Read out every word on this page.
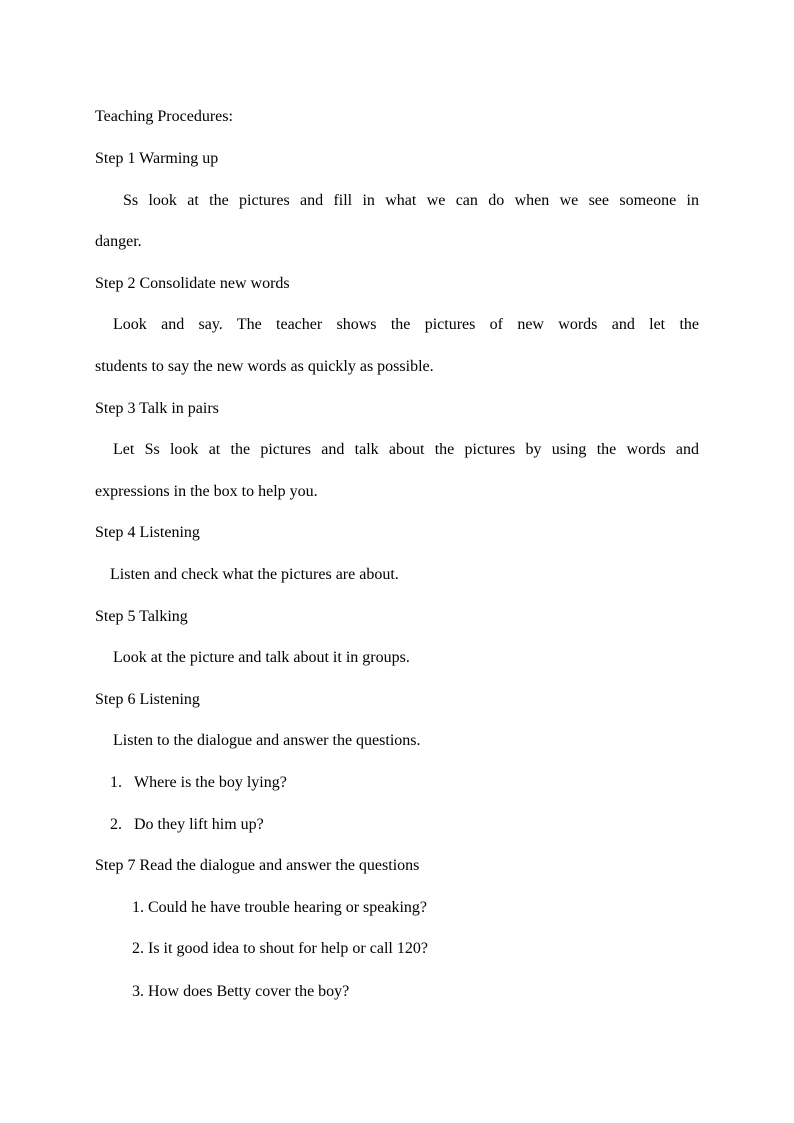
Teaching Procedures:
Step 1 Warming up
Ss look at the pictures and fill in what we can do when we see someone in
danger.
Step 2 Consolidate new words
Look and say. The teacher shows the pictures of new words and let the
students to say the new words as quickly as possible.
Step 3 Talk in pairs
Let Ss look at the pictures and talk about the pictures by using the words and
expressions in the box to help you.
Step 4 Listening
Listen and check what the pictures are about.
Step 5 Talking
Look at the picture and talk about it in groups.
Step 6 Listening
Listen to the dialogue and answer the questions.
1. Where is the boy lying?
2. Do they lift him up?
Step 7 Read the dialogue and answer the questions
1. Could he have trouble hearing or speaking?
2. Is it good idea to shout for help or call 120?
3. How does Betty cover the boy?
